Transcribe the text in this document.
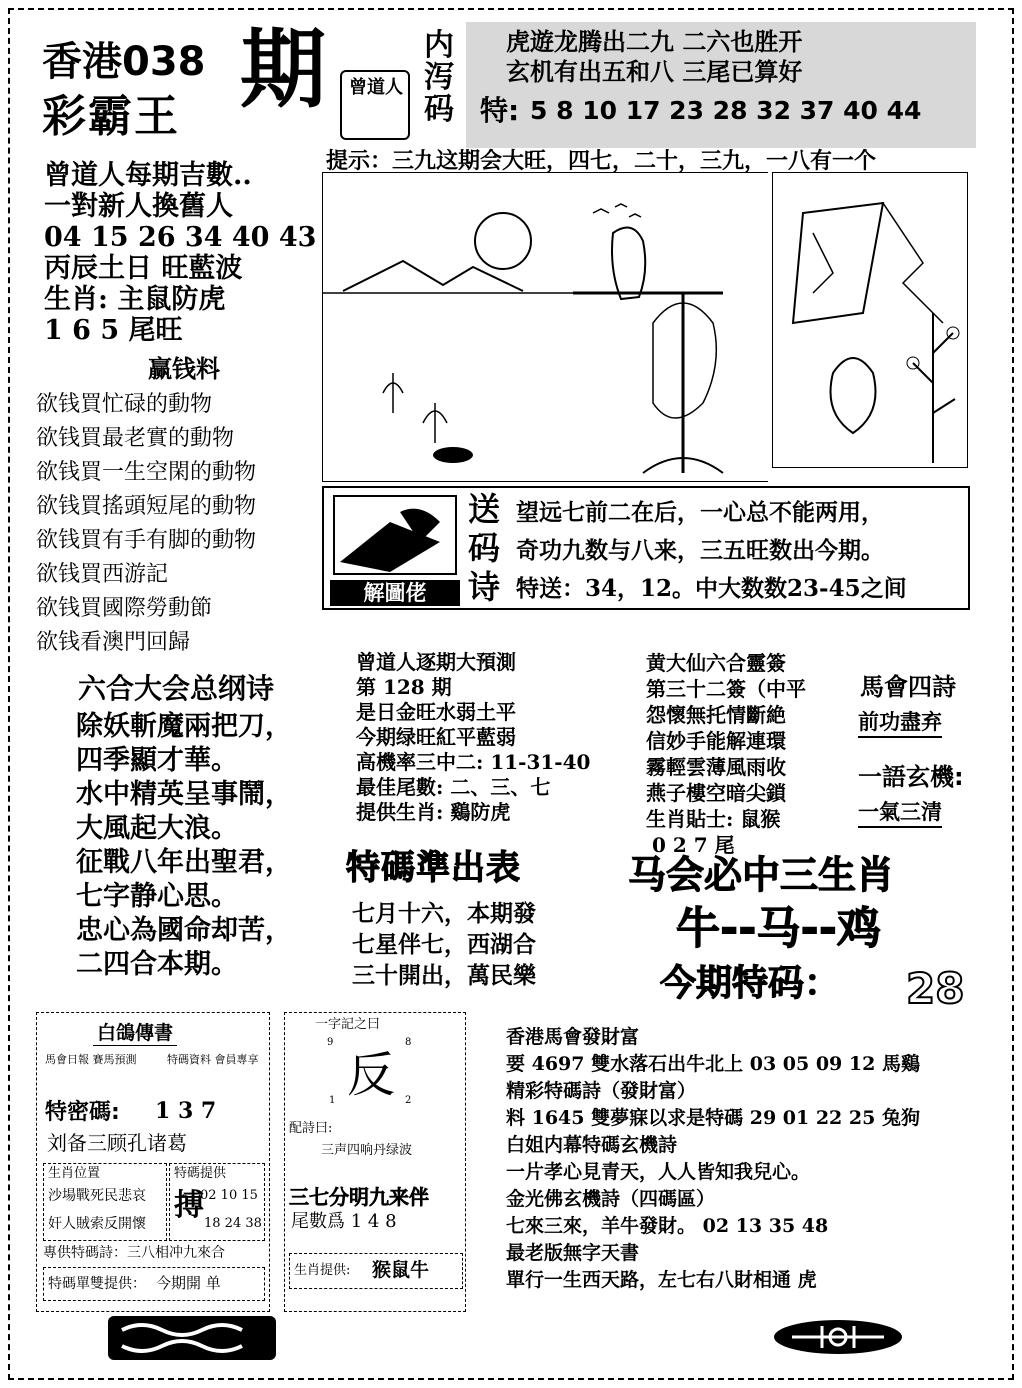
香港038 期
彩霸王
曾道人
内泻码
虎遊龙腾出二九 二六也胜开
玄机有出五和八 三尾已算好
特: 5 8 10 17 23 28 32 37 40 44
提示：三九这期会大旺，四七，二十，三九，一八有一个
曾道人每期吉數..
一對新人換舊人
04 15 26 34 40 43
丙辰土日 旺藍波
生肖: 主鼠防虎
1 6 5 尾旺
赢钱料
欲钱買忙碌的動物
欲钱買最老實的動物
欲钱買一生空閑的動物
欲钱買搖頭短尾的動物
欲钱買有手有脚的動物
欲钱買西游記
欲钱買國際勞動節
欲钱看澳門回歸
解圖佬
送
码
诗
望远七前二在后，一心总不能两用，
奇功九数与八来，三五旺数出今期。
特送：34，12。中大数数23-45之间
六合大会总纲诗
除妖斬魔兩把刀，
四季顯才華。
水中精英呈事鬧，
大風起大浪。
征戰八年出聖君，
七字静心思。
忠心為國命却苦，
二四合本期。
曾道人逐期大預測
第 128 期
是日金旺水弱土平
今期绿旺紅平藍弱
高機率三中二: 11-31-40
最佳尾數: 二、三、七
提供生肖: 鷄防虎
特碼準出表
七月十六，本期發
七星伴七，西湖合
三十開出，萬民樂
黄大仙六合靈簽
第三十二簽（中平
怨懷無托情斷絶
信妙手能解連環
霧輕雲薄風雨收
燕子樓空暗尖鎖
生肖貼士: 鼠猴
0 2 7 尾
馬會四詩
前功盡弃
一語玄機:
一氣三清
马会必中三生肖
牛--马--鸡
今期特码： 28
白鴿傳書
馬會日報 賽馬預測	特碼資料 會員專享
特密碼: 1 3 7
刘备三顾孔诸葛
生肖位置
沙場戰死民悲哀
奸人賊索反開懷
特碼提供
搏
02 10 15
18 24 38
專供特碼詩：三八相冲九來合
特碼單雙提供： 今期開 单
一字記之曰
9	8
反
1	2
配詩曰:
三声四响丹绿波
三七分明九来伴
尾數爲 1 4 8
生肖提供: 猴鼠牛
香港馬會發財富
要 4697 雙水落石出牛北上 03 05 09 12 馬鷄
精彩特碼詩（發財富）
料 1645 雙夢寐以求是特碼 29 01 22 25 兔狗
白姐内幕特碼玄機詩
一片孝心見青天，人人皆知我兒心。
金光佛玄機詩（四碼區）
七來三來，羊牛發財。 02 13 35 48
最老版無字天書
單行一生西天路，左七右八財相通 虎
